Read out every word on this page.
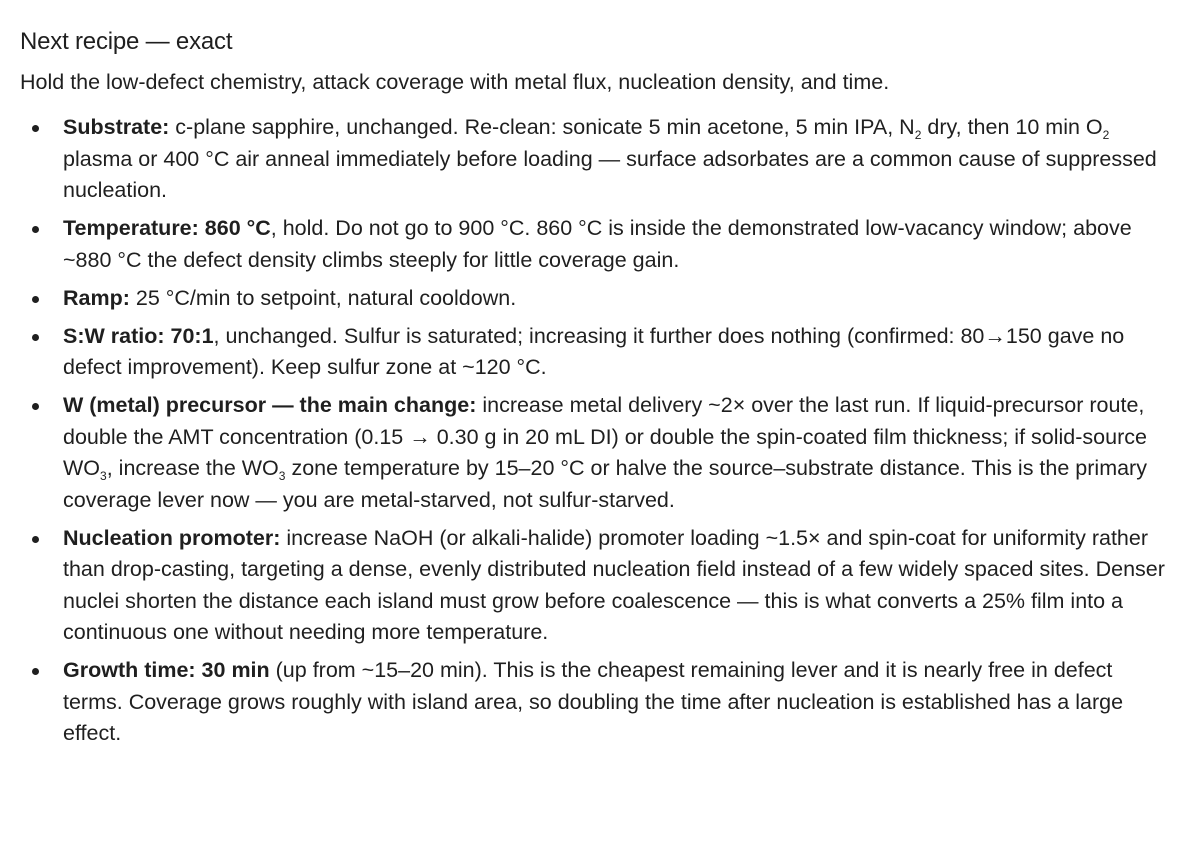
Next recipe — exact

Hold the low-defect chemistry, attack coverage with metal flux, nucleation density, and time.

Substrate: c-plane sapphire, unchanged. Re-clean: sonicate 5 min acetone, 5 min IPA, $N_2$ dry, then 10 $\min O_2$ plasma or 400 °C air anneal immediately before loading — surface adsorbates are a common cause of suppressed nucleation.
Temperature: 860 °C, hold. Do not go to 900 °C. 860 °C is inside the demonstrated low-vacancy window; above ~880 °C the defect density climbs steeply for little coverage gain.
Ramp: 25 °C/min to setpoint, natural cooldown.
S:W ratio: 70:1, unchanged. Sulfur is saturated; increasing it further does nothing (confirmed: 80→150 gave no defect improvement). Keep sulfur zone at ~120 °C.
W (metal) precursor — the main change: increase metal delivery ~2× over the last run. If liquid-precursor route, double the AMT concentration (0.15 → 0.30 g in 20 mL DI) or double the spin-coated film thickness; if solid-source $WO_3$, increase the $WO_3$ zone temperature by 15–20 °C or halve the source–substrate distance. This is the primary coverage lever now — you are metal-starved, not sulfur-starved.
Nucleation promoter: increase NaOH (or alkali-halide) promoter loading ~1.5× and spin-coat for uniformity rather than drop-casting, targeting a dense, evenly distributed nucleation field instead of a few widely spaced sites. Denser nuclei shorten the distance each island must grow before coalescence — this is what converts a 25% film into a continuous one without needing more temperature.
Growth time: 30 min (up from ~15–20 min). This is the cheapest remaining lever and it is nearly free in defect terms. Coverage grows roughly with island area, so doubling the time after nucleation is established has a large effect.
